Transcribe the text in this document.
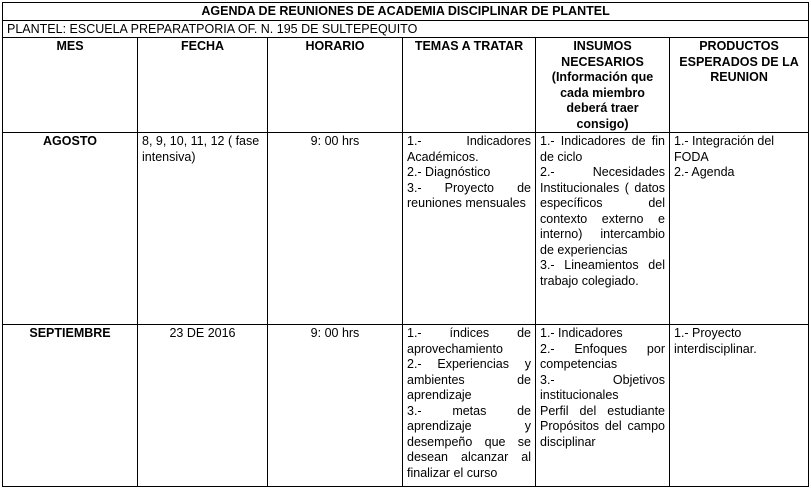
AGENDA DE REUNIONES DE ACADEMIA DISCIPLINAR DE PLANTEL					
PLANTEL: ESCUELA PREPARATPORIA OF. N. 195 DE SULTEPEQUITO					
MES	FECHA	HORARIO	TEMAS A TRATAR	INSUMOS NECESARIOS (Información que cada miembro deberá traer consigo)	PRODUCTOS ESPERADOS DE LA REUNION
AGOSTO	8, 9, 10, 11, 12 ( fase intensiva)	9: 00 hrs	1.- Indicadores Académicos.
2.- Diagnóstico
3.- Proyecto de reuniones mensuales	1.- Indicadores de fin de ciclo
2.- Necesidades Institucionales ( datos específicos del contexto externo e interno) intercambio de experiencias
3.- Lineamientos del trabajo colegiado.	1.- Integración del FODA
2.- Agenda

SEPTIEMBRE	23 DE 2016	9: 00 hrs	1.- índices de aprovechamiento
2.- Experiencias y ambientes de aprendizaje
3.- metas de aprendizaje y desempeño que se desean alcanzar al finalizar el curso	1.- Indicadores
2.- Enfoques por competencias
3.- Objetivos institucionales
Perfil del estudiante
Propósitos del campo disciplinar	1.- Proyecto interdisciplinar.
